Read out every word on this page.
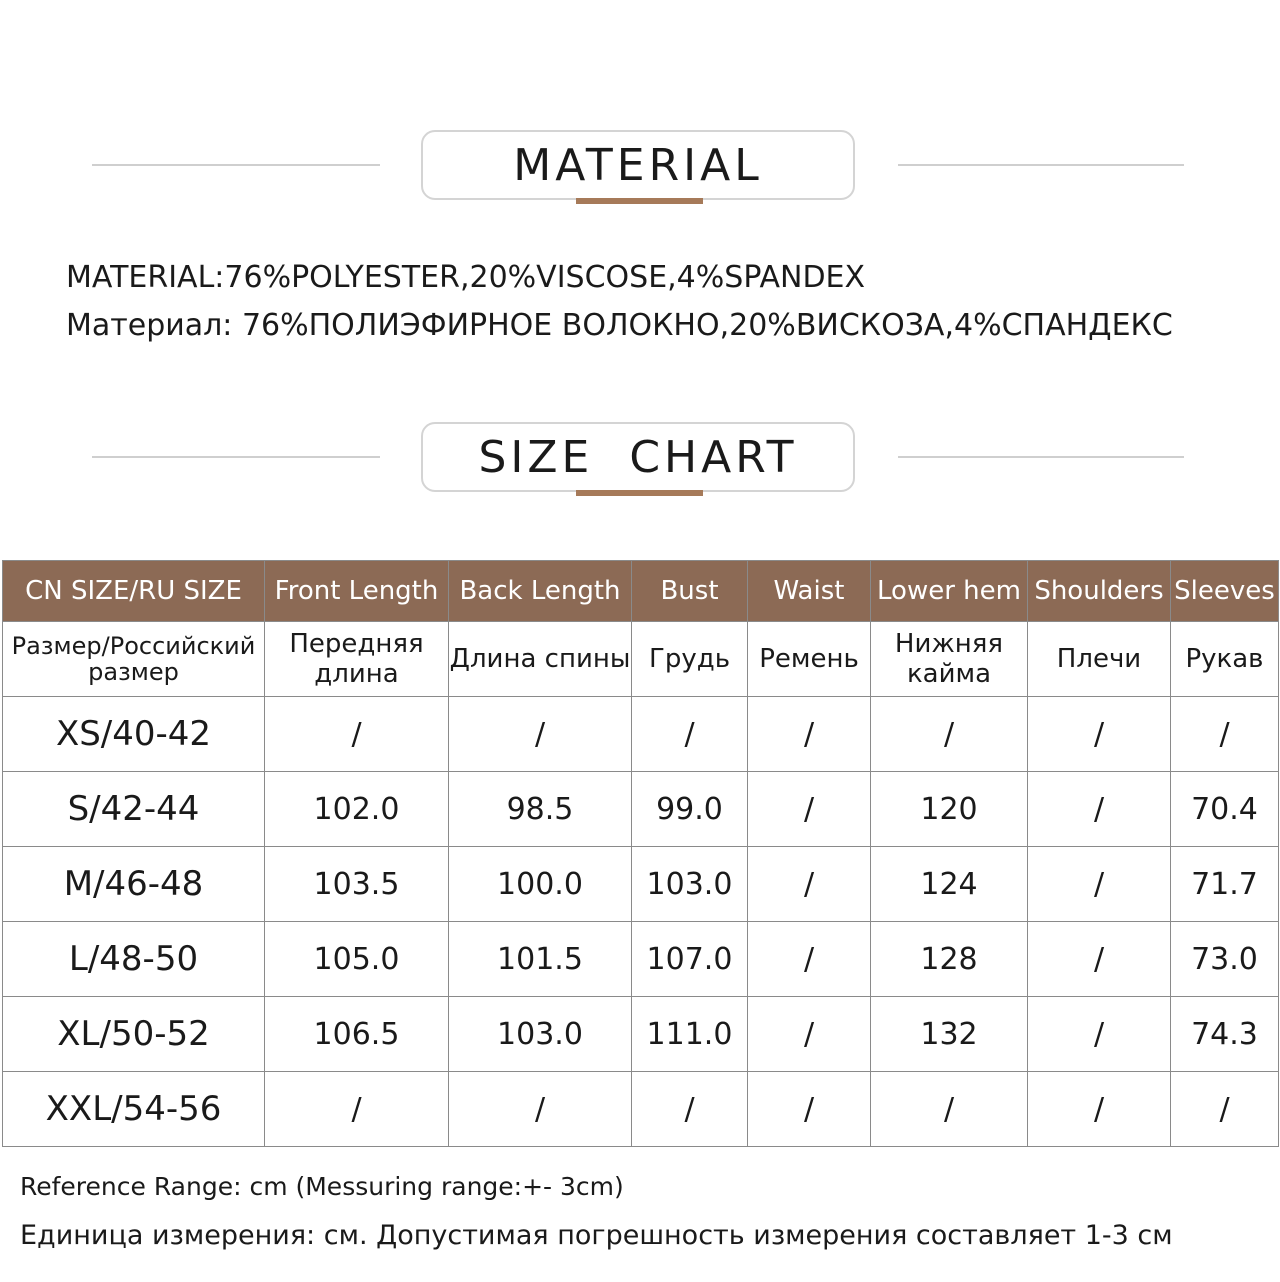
MATERIAL
MATERIAL:76%POLYESTER,20%VISCOSE,4%SPANDEX
Материал: 76%ПОЛИЭФИРНОЕ ВОЛОКНО,20%ВИСКОЗА,4%СПАНДЕКС
SIZE  CHART
CN SIZE/RU SIZE	Front Length	Back Length	Bust	Waist	Lower hem	Shoulders	Sleeves
Размер/Российский размер	Передняя длина	Длина спины	Грудь	Ремень	Нижняя кайма	Плечи	Рукав
XS/40-42	/	/	/	/	/	/	/
S/42-44	102.0	98.5	99.0	/	120	/	70.4
M/46-48	103.5	100.0	103.0	/	124	/	71.7
L/48-50	105.0	101.5	107.0	/	128	/	73.0
XL/50-52	106.5	103.0	111.0	/	132	/	74.3
XXL/54-56	/	/	/	/	/	/	/
Reference Range: cm (Messuring range:+- 3cm)
Единица измерения: см. Допустимая погрешность измерения составляет 1-3 см
